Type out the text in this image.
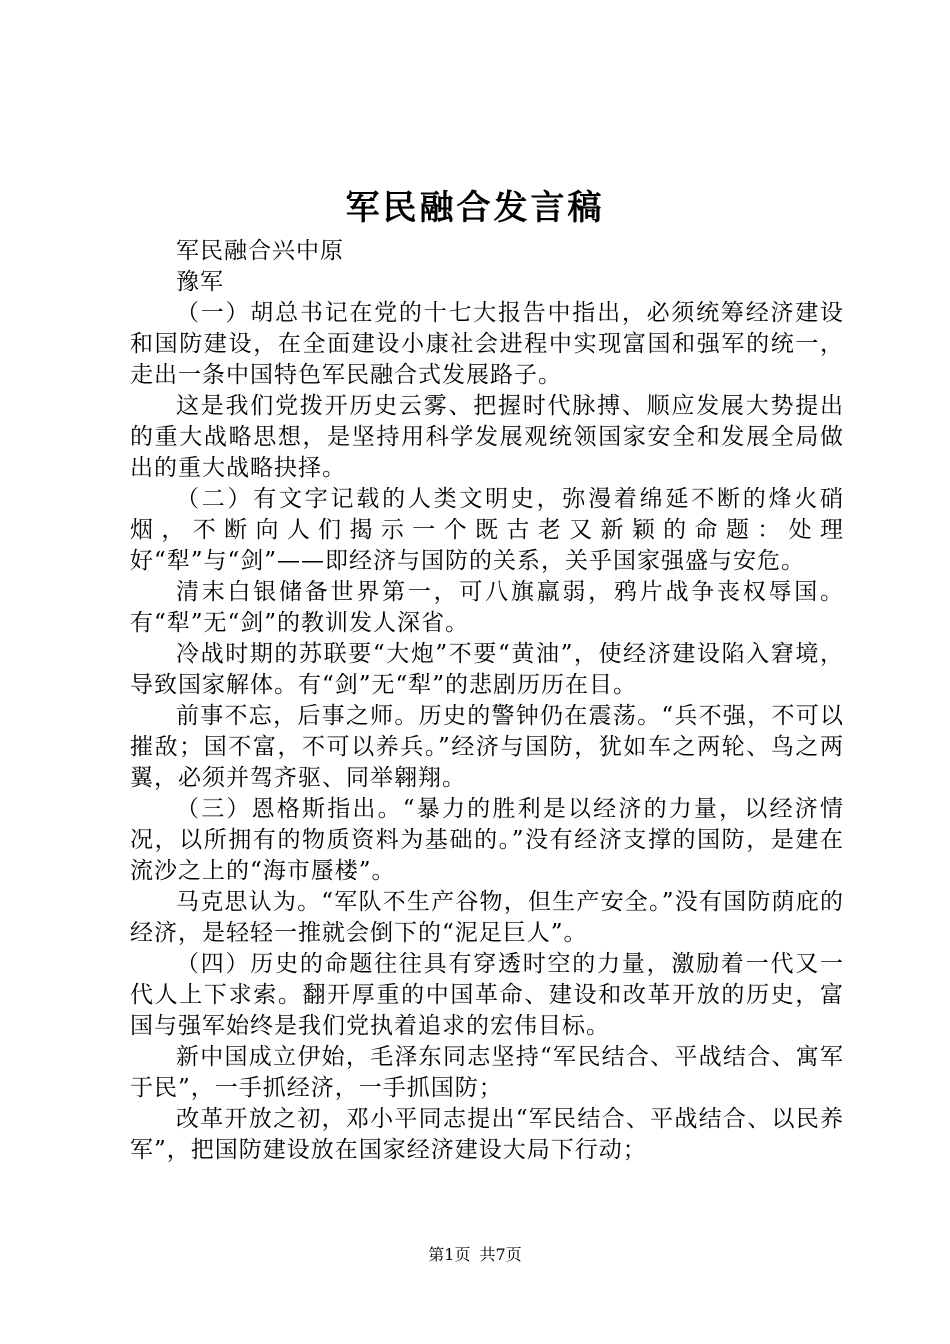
军民融合发言稿

军民融合兴中原

豫军

（一）胡总书记在党的十七大报告中指出，必须统筹经济建设和国防建设，在全面建设小康社会进程中实现富国和强军的统一，走出一条中国特色军民融合式发展路子。

这是我们党拨开历史云雾、把握时代脉搏、顺应发展大势提出的重大战略思想，是坚持用科学发展观统领国家安全和发展全局做出的重大战略抉择。

（二）有文字记载的人类文明史，弥漫着绵延不断的烽火硝烟，不断向人们揭示一个既古老又新颖的命题：处理好“犁”与“剑”——即经济与国防的关系，关乎国家强盛与安危。

清末白银储备世界第一，可八旗羸弱，鸦片战争丧权辱国。有“犁”无“剑”的教训发人深省。

冷战时期的苏联要“大炮”不要“黄油”，使经济建设陷入窘境，导致国家解体。有“剑”无“犁”的悲剧历历在目。

前事不忘，后事之师。历史的警钟仍在震荡。“兵不强，不可以摧敌；国不富，不可以养兵。”经济与国防，犹如车之两轮、鸟之两翼，必须并驾齐驱、同举翱翔。

（三）恩格斯指出。“暴力的胜利是以经济的力量，以经济情况，以所拥有的物质资料为基础的。”没有经济支撑的国防，是建在流沙之上的“海市蜃楼”。

马克思认为。“军队不生产谷物，但生产安全。”没有国防荫庇的经济，是轻轻一推就会倒下的“泥足巨人”。

（四）历史的命题往往具有穿透时空的力量，激励着一代又一代人上下求索。翻开厚重的中国革命、建设和改革开放的历史，富国与强军始终是我们党执着追求的宏伟目标。

新中国成立伊始，毛泽东同志坚持“军民结合、平战结合、寓军于民”，一手抓经济，一手抓国防；

改革开放之初，邓小平同志提出“军民结合、平战结合、以民养军”，把国防建设放在国家经济建设大局下行动；

第1页 共7页
